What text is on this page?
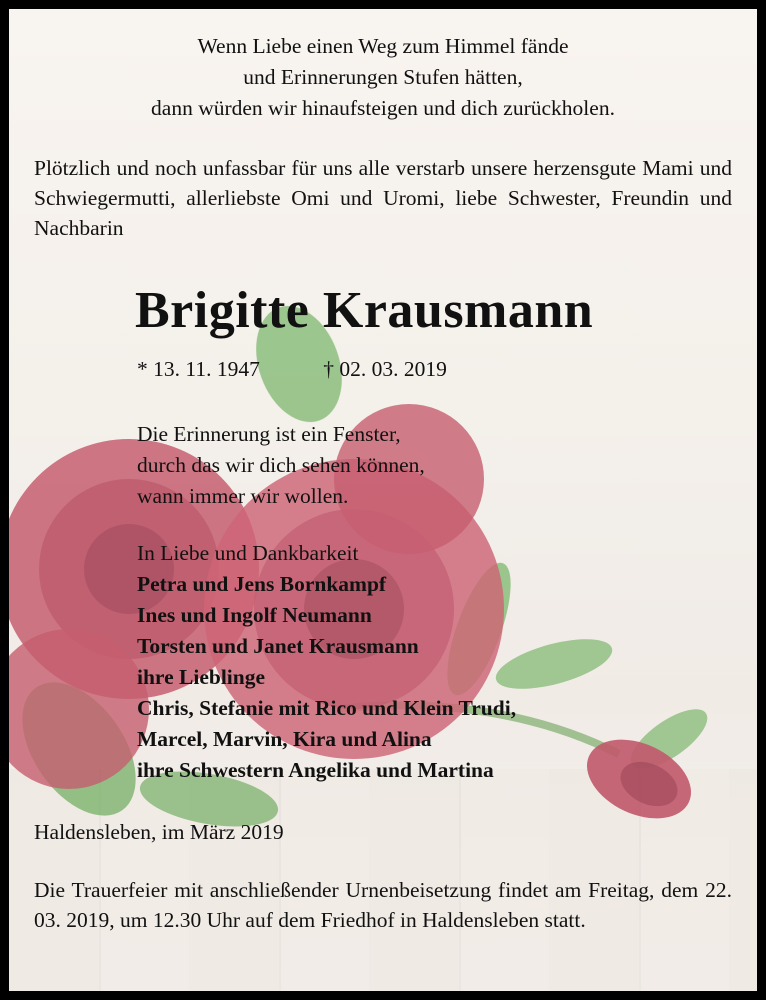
Wenn Liebe einen Weg zum Himmel fände
und Erinnerungen Stufen hätten,
dann würden wir hinaufsteigen und dich zurückholen.
Plötzlich und noch unfassbar für uns alle verstarb unsere herzensgute Mami und Schwiegermutti, allerliebste Omi und Uromi, liebe Schwester, Freundin und Nachbarin
Brigitte Krausmann
* 13. 11. 1947	† 02. 03. 2019
Die Erinnerung ist ein Fenster,
durch das wir dich sehen können,
wann immer wir wollen.
In Liebe und Dankbarkeit
Petra und Jens Bornkampf
Ines und Ingolf Neumann
Torsten und Janet Krausmann
ihre Lieblinge
Chris, Stefanie mit Rico und Klein Trudi,
Marcel, Marvin, Kira und Alina
ihre Schwestern Angelika und Martina
Haldensleben, im März 2019
Die Trauerfeier mit anschließender Urnenbeisetzung findet am Freitag, dem 22. 03. 2019, um 12.30 Uhr auf dem Friedhof in Haldensleben statt.
